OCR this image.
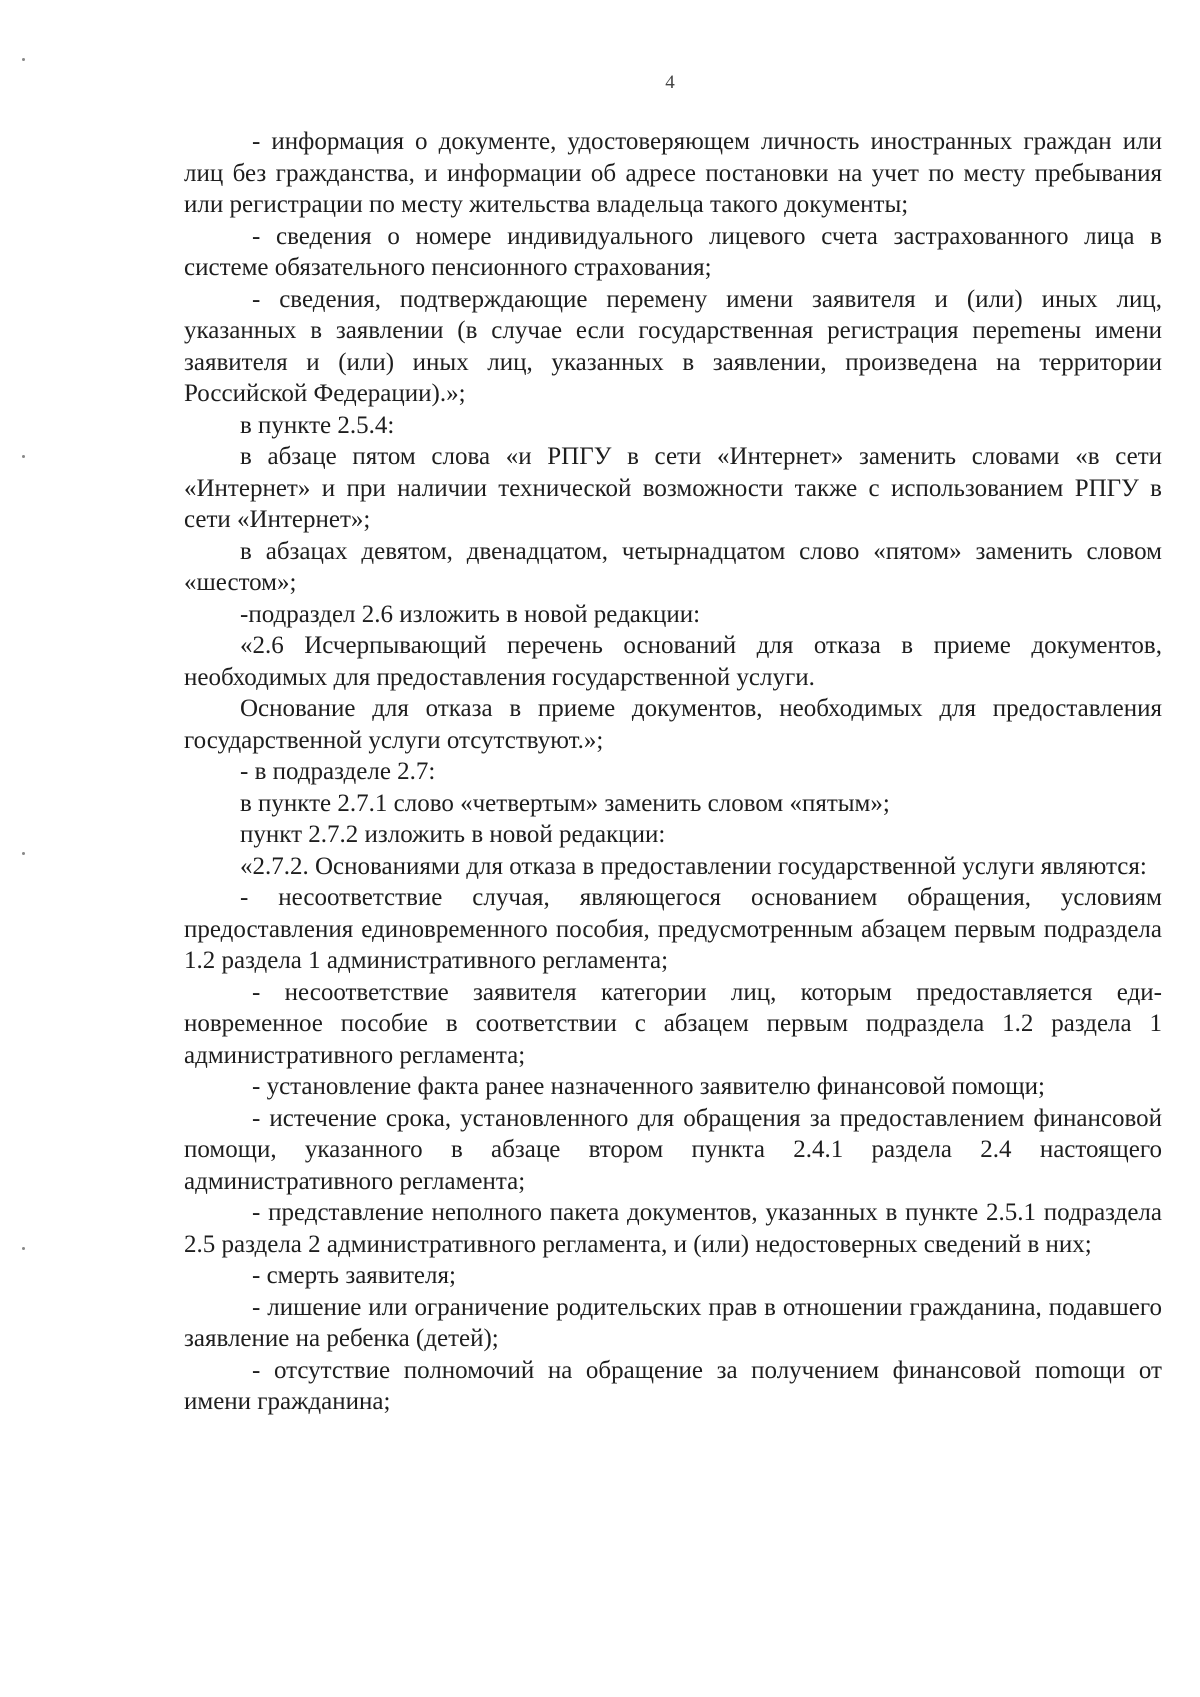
4

- информация о документе, удостоверяющем личность иностранных граждан или лиц без гражданства, и информации об адресе постановки на учет по месту пребывания или регистрации по месту жительства владельца такого документы;

- сведения о номере индивидуального лицевого счета застрахованного лица в системе обязательного пенсионного страхования;

- сведения, подтверждающие перемену имени заявителя и (или) иных лиц, указанных в заявлении (в случае если государственная регистрация переmены имени заявителя и (или) иных лиц, указанных в заявлении, произведена на территории Российской Федерации).»;

в пункте 2.5.4:

в абзаце пятом слова «и РПГУ в сети «Интернет» заменить словами «в сети «Интернет» и при наличии технической возможности также с использованием РПГУ в сети «Интернет»;

в абзацах девятом, двенадцатом, четырнадцатом слово «пятом» заменить словом «шестом»;

-подраздел 2.6 изложить в новой редакции:

«2.6 Исчерпывающий перечень оснований для отказа в приеме документов, необходимых для предоставления государственной услуги.

Основание для отказа в приеме документов, необходимых для предоставления государственной услуги отсутствуют.»;

- в подразделе 2.7:

в пункте 2.7.1 слово «четвертым» заменить словом «пятым»;

пункт 2.7.2 изложить в новой редакции:

«2.7.2. Основаниями для отказа в предоставлении государственной услуги являются:

- несоответствие случая, являющегося основанием обращения, условиям предоставления единовременного пособия, предусмотренным абзацем первым подраздела 1.2 раздела 1 административного регламента;

- несоответствие заявителя категории лиц, которым предоставляется единовременное пособие в соответствии с абзацем первым подраздела 1.2 раздела 1 административного регламента;

- установление факта ранее назначенного заявителю финансовой помощи;

- истечение срока, установленного для обращения за предоставлением финансовой помощи, указанного в абзаце втором пункта 2.4.1 раздела 2.4 настоящего административного регламента;

- представление неполного пакета документов, указанных в пункте 2.5.1 подраздела 2.5 раздела 2 административного регламента, и (или) недостоверных сведений в них;

- смерть заявителя;

- лишение или ограничение родительских прав в отношении гражданина, подавшего заявление на ребенка (детей);

- отсутствие полномочий на обращение за получением финансовой поmощи от имени гражданина;
